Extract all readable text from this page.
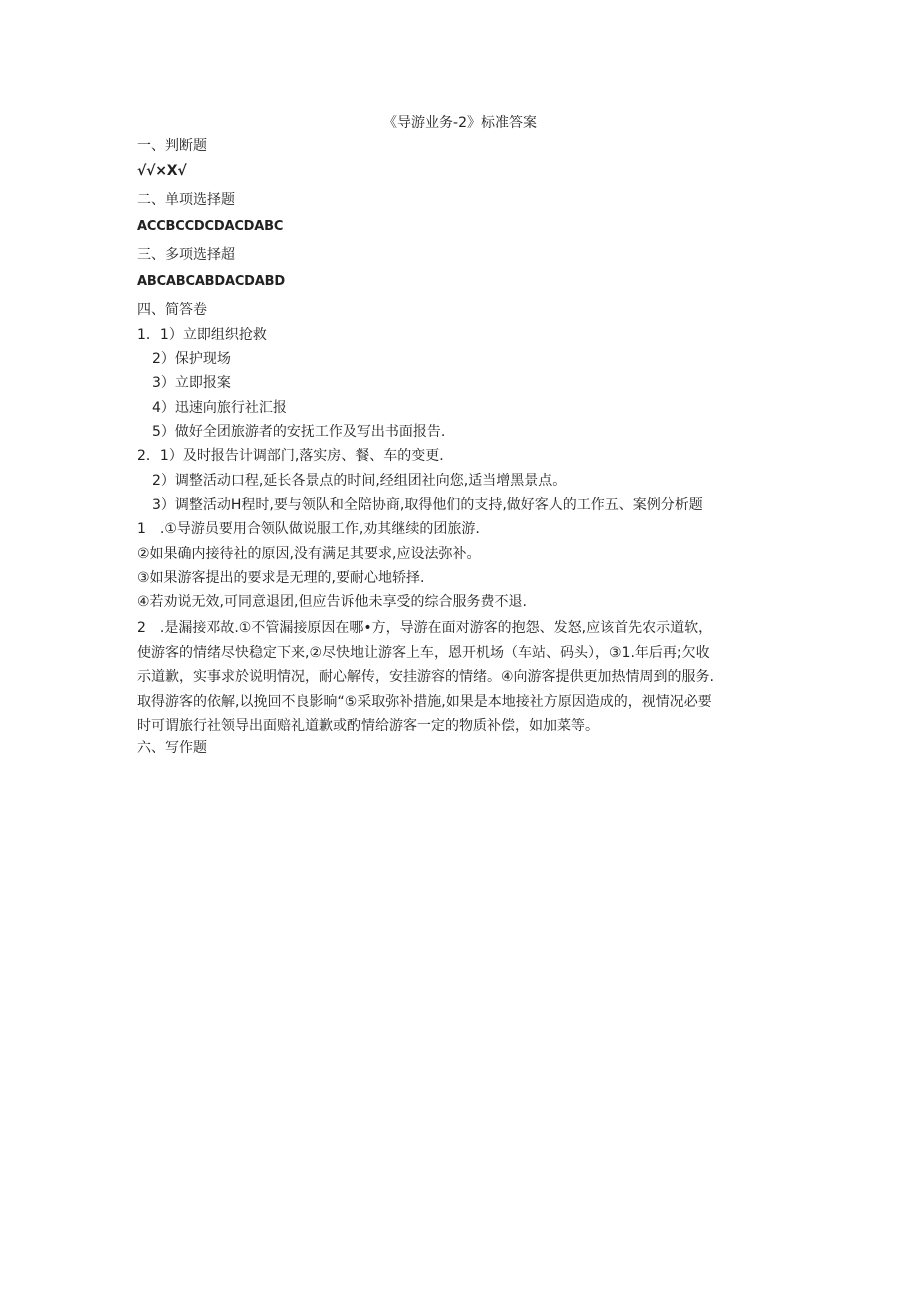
《导游业务-2》标准答案
一、判断题
√√×X√
二、单项选择题
ACCBCCDCDACDABC
三、多项选择超
ABCABCABDACDABD
四、简答卷
1．1）立即组织抢救
2）保护现场
3）立即报案
4）迅速向旅行社汇报
5）做好全团旅游者的安抚工作及写出书面报告.
2．1）及时报告计调部门,落实房、餐、车的变更.
2）调整活动口程,延长各景点的时间,经组团社向您,适当增黑景点。
3）调整活动H程时,要与领队和全陪协商,取得他们的支持,做好客人的工作五、案例分析题
1　.①导游员要用合领队做说服工作,劝其继续的团旅游.
②如果确内接待社的原因,没有满足其要求,应设法弥补。
③如果游客提出的要求是无理的,要耐心地轿择.
④若劝说无效,可同意退团,但应告诉他未享受的综合服务费不退.
2　.是漏接邓故.①不管漏接原因在哪•方，导游在面对游客的抱怨、发怒,应该首先农示道软，
使游客的情绪尽快稳定下来,②尽快地让游客上车，恩开机场（车站、码头），③1.年后再;欠收
示道歉，实事求於说明情况，耐心解传，安挂游容的情绪。④向游客提供更加热情周到的服务.
取得游客的依解,以挽回不良影晌“⑤采取弥补措施,如果是本地接社方原因造成的，视情况必要
时可谓旅行社领导出面赔礼道歉或酌情给游客一定的物质补偿，如加菜等。
六、写作题
